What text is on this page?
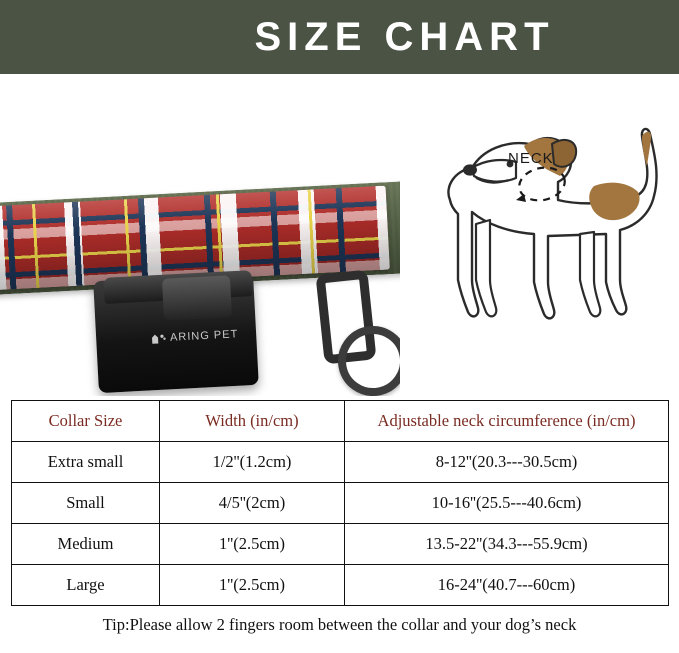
SIZE CHART
ARING PET
NECK
Collar Size	Width (in/cm)	Adjustable neck circumference (in/cm)
Extra small	1/2''(1.2cm)	8-12''(20.3---30.5cm)
Small	4/5''(2cm)	10-16''(25.5---40.6cm)
Medium	1''(2.5cm)	13.5-22''(34.3---55.9cm)
Large	1''(2.5cm)	16-24''(40.7---60cm)

Tip:Please allow 2 fingers room between the collar and your dog’s neck
